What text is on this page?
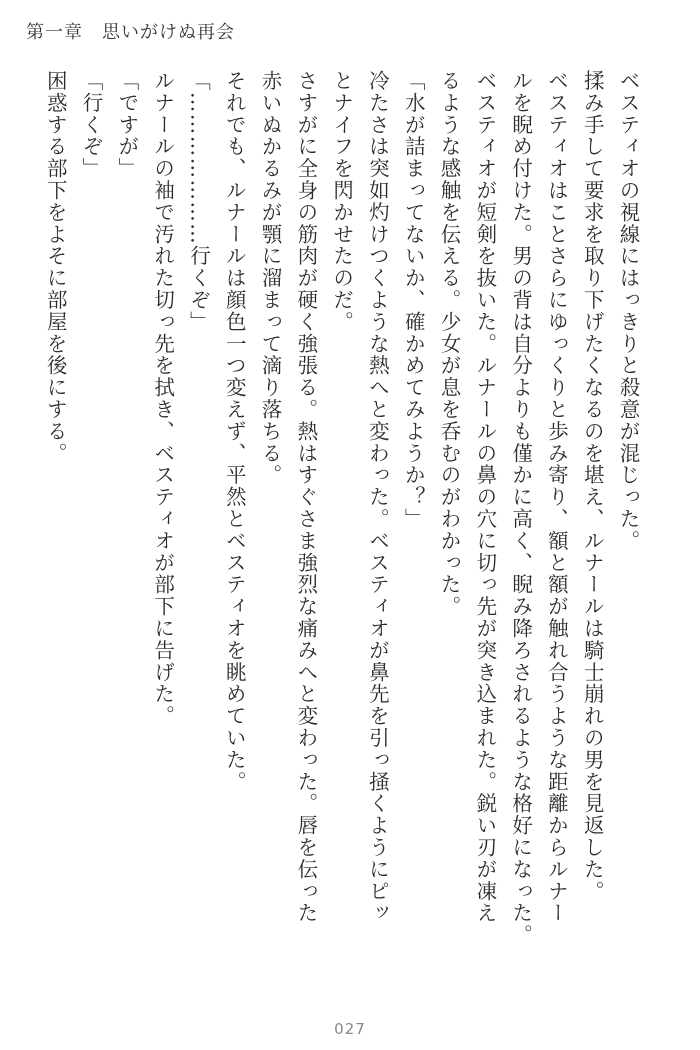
第一章　思いがけぬ再会
ベスティオの視線にはっきりと殺意が混じった。
揉み手して要求を取り下げたくなるのを堪え、ルナールは騎士崩れの男を見返した。
ベスティオはことさらにゆっくりと歩み寄り、額と額が触れ合うような距離からルナー
ルを睨め付けた。男の背は自分よりも僅かに高く、睨み降ろされるような格好になった。
ベスティオが短剣を抜いた。ルナールの鼻の穴に切っ先が突き込まれた。鋭い刃が凍え
るような感触を伝える。少女が息を呑むのがわかった。
「水が詰まってないか、確かめてみようか？」
冷たさは突如灼けつくような熱へと変わった。ベスティオが鼻先を引っ掻くようにピッ
とナイフを閃かせたのだ。
さすがに全身の筋肉が硬く強張る。熱はすぐさま強烈な痛みへと変わった。唇を伝った
赤いぬかるみが顎に溜まって滴り落ちる。
それでも、ルナールは顔色一つ変えず、平然とベスティオを眺めていた。
「…………………行くぞ」
ルナールの袖で汚れた切っ先を拭き、ベスティオが部下に告げた。
「ですが」
「行くぞ」
困惑する部下をよそに部屋を後にする。
027
